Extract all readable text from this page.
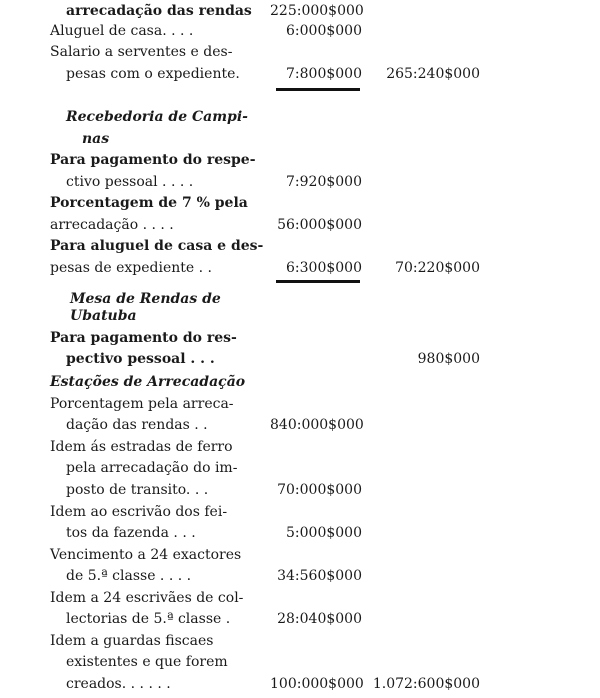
arrecadação das rendas 225:000$000
Aluguel de casa. . . .	6:000$000
Salario a serventes e des-
pesas com o expediente.	7:800$000	265:240$000
Recebedoria de Campi-
nas
Para pagamento do respe-
ctivo pessoal . . . .	7:920$000
Porcentagem de 7 % pela
arrecadação . . . .	56:000$000
Para aluguel de casa e des-
pesas de expediente . .	6:300$000	70:220$000
Mesa de Rendas de
Ubatuba
Para pagamento do res-
pectivo pessoal . . .	980$000
Estações de Arrecadação
Porcentagem pela arreca-
dação das rendas . .	840:000$000
Idem ás estradas de ferro
pela arrecadação do im-
posto de transito. . .	70:000$000
Idem ao escrivão dos fei-
tos da fazenda . . .	5:000$000
Vencimento a 24 exactores
de 5.ª classe . . . .	34:560$000
Idem a 24 escrivães de col-
lectorias de 5.ª classe .	28:040$000
Idem a guardas fiscaes
existentes e que forem
creados. . . . . .	100:000$000 1.072:600$000
